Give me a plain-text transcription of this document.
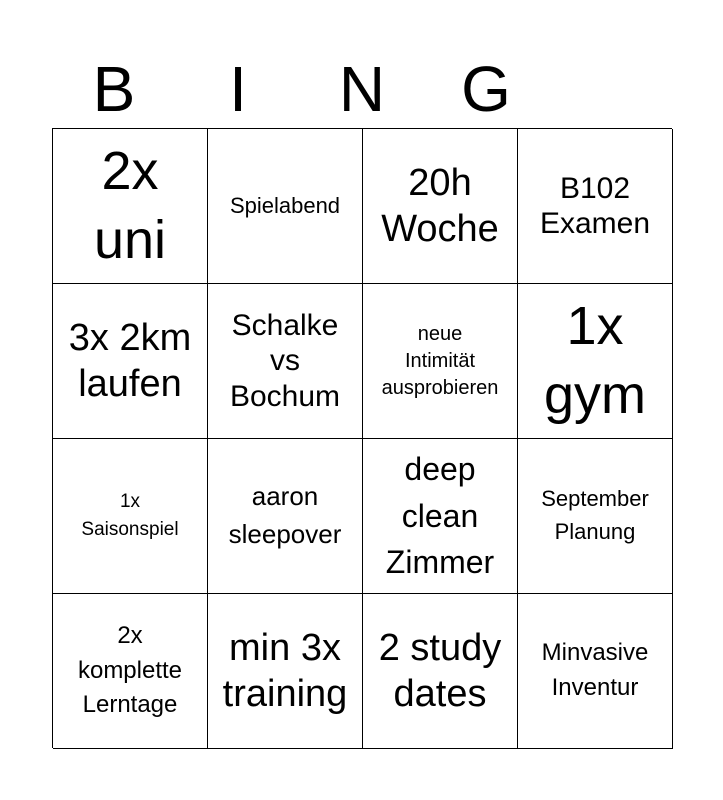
B	I	N	G
2x
uni
Spielabend
20h
Woche
B102
Examen
3x 2km
laufen
Schalke
vs
Bochum
neue
Intimität
ausprobieren
1x
gym
1x
Saisonspiel
aaron
sleepover
deep
clean
Zimmer
September
Planung
2x
komplette
Lerntage
min 3x
training
2 study
dates
Minvasive
Inventur
